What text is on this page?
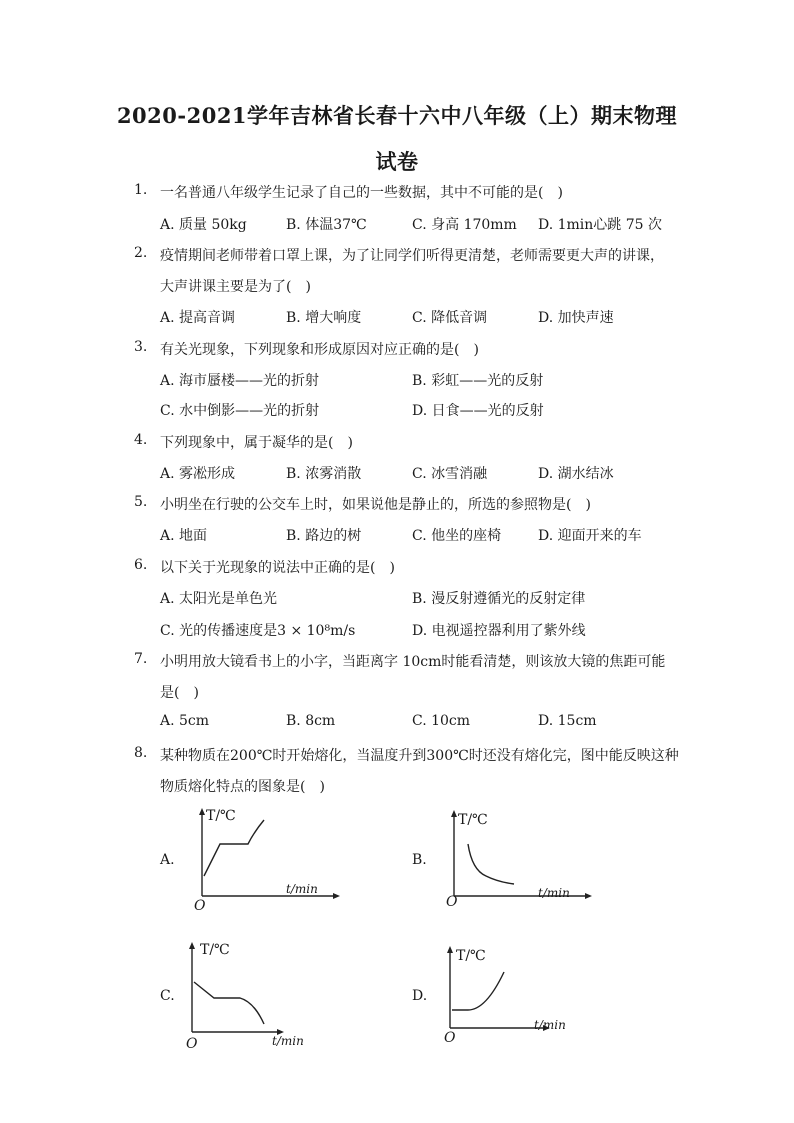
2020-2021学年吉林省长春十六中八年级（上）期末物理
试卷
1. 一名普通八年级学生记录了自己的一些数据，其中不可能的是(　)
A. 质量 50kg	B. 体温37℃	C. 身高 170mm D. 1min心跳 75 次
2. 疫情期间老师带着口罩上课，为了让同学们听得更清楚，老师需要更大声的讲课，
大声讲课主要是为了(　)
A. 提高音调	B. 增大响度	C. 降低音调	D. 加快声速
3. 有关光现象，下列现象和形成原因对应正确的是(　)
A. 海市蜃楼——光的折射	B. 彩虹——光的反射
C. 水中倒影——光的折射	D. 日食——光的反射
4. 下列现象中，属于凝华的是(　)
A. 雾凇形成	B. 浓雾消散	C. 冰雪消融	D. 湖水结冰
5. 小明坐在行驶的公交车上时，如果说他是静止的，所选的参照物是(　)
A. 地面	B. 路边的树	C. 他坐的座椅	D. 迎面开来的车
6. 以下关于光现象的说法中正确的是(　)
A. 太阳光是单色光	B. 漫反射遵循光的反射定律
C. 光的传播速度是3 × 10⁸m/s	D. 电视遥控器利用了紫外线
7. 小明用放大镜看书上的小字，当距离字 10cm时能看清楚，则该放大镜的焦距可能
是(　)
A. 5cm	B. 8cm	C. 10cm	D. 15cm
8. 某种物质在200℃时开始熔化，当温度升到300℃时还没有熔化完，图中能反映这种
物质熔化特点的图象是(　)
A.
T/℃
t/min
O
B.
T/℃
t/min
O
C.
T/℃
t/min
O
D.
T/℃
t/min
O
